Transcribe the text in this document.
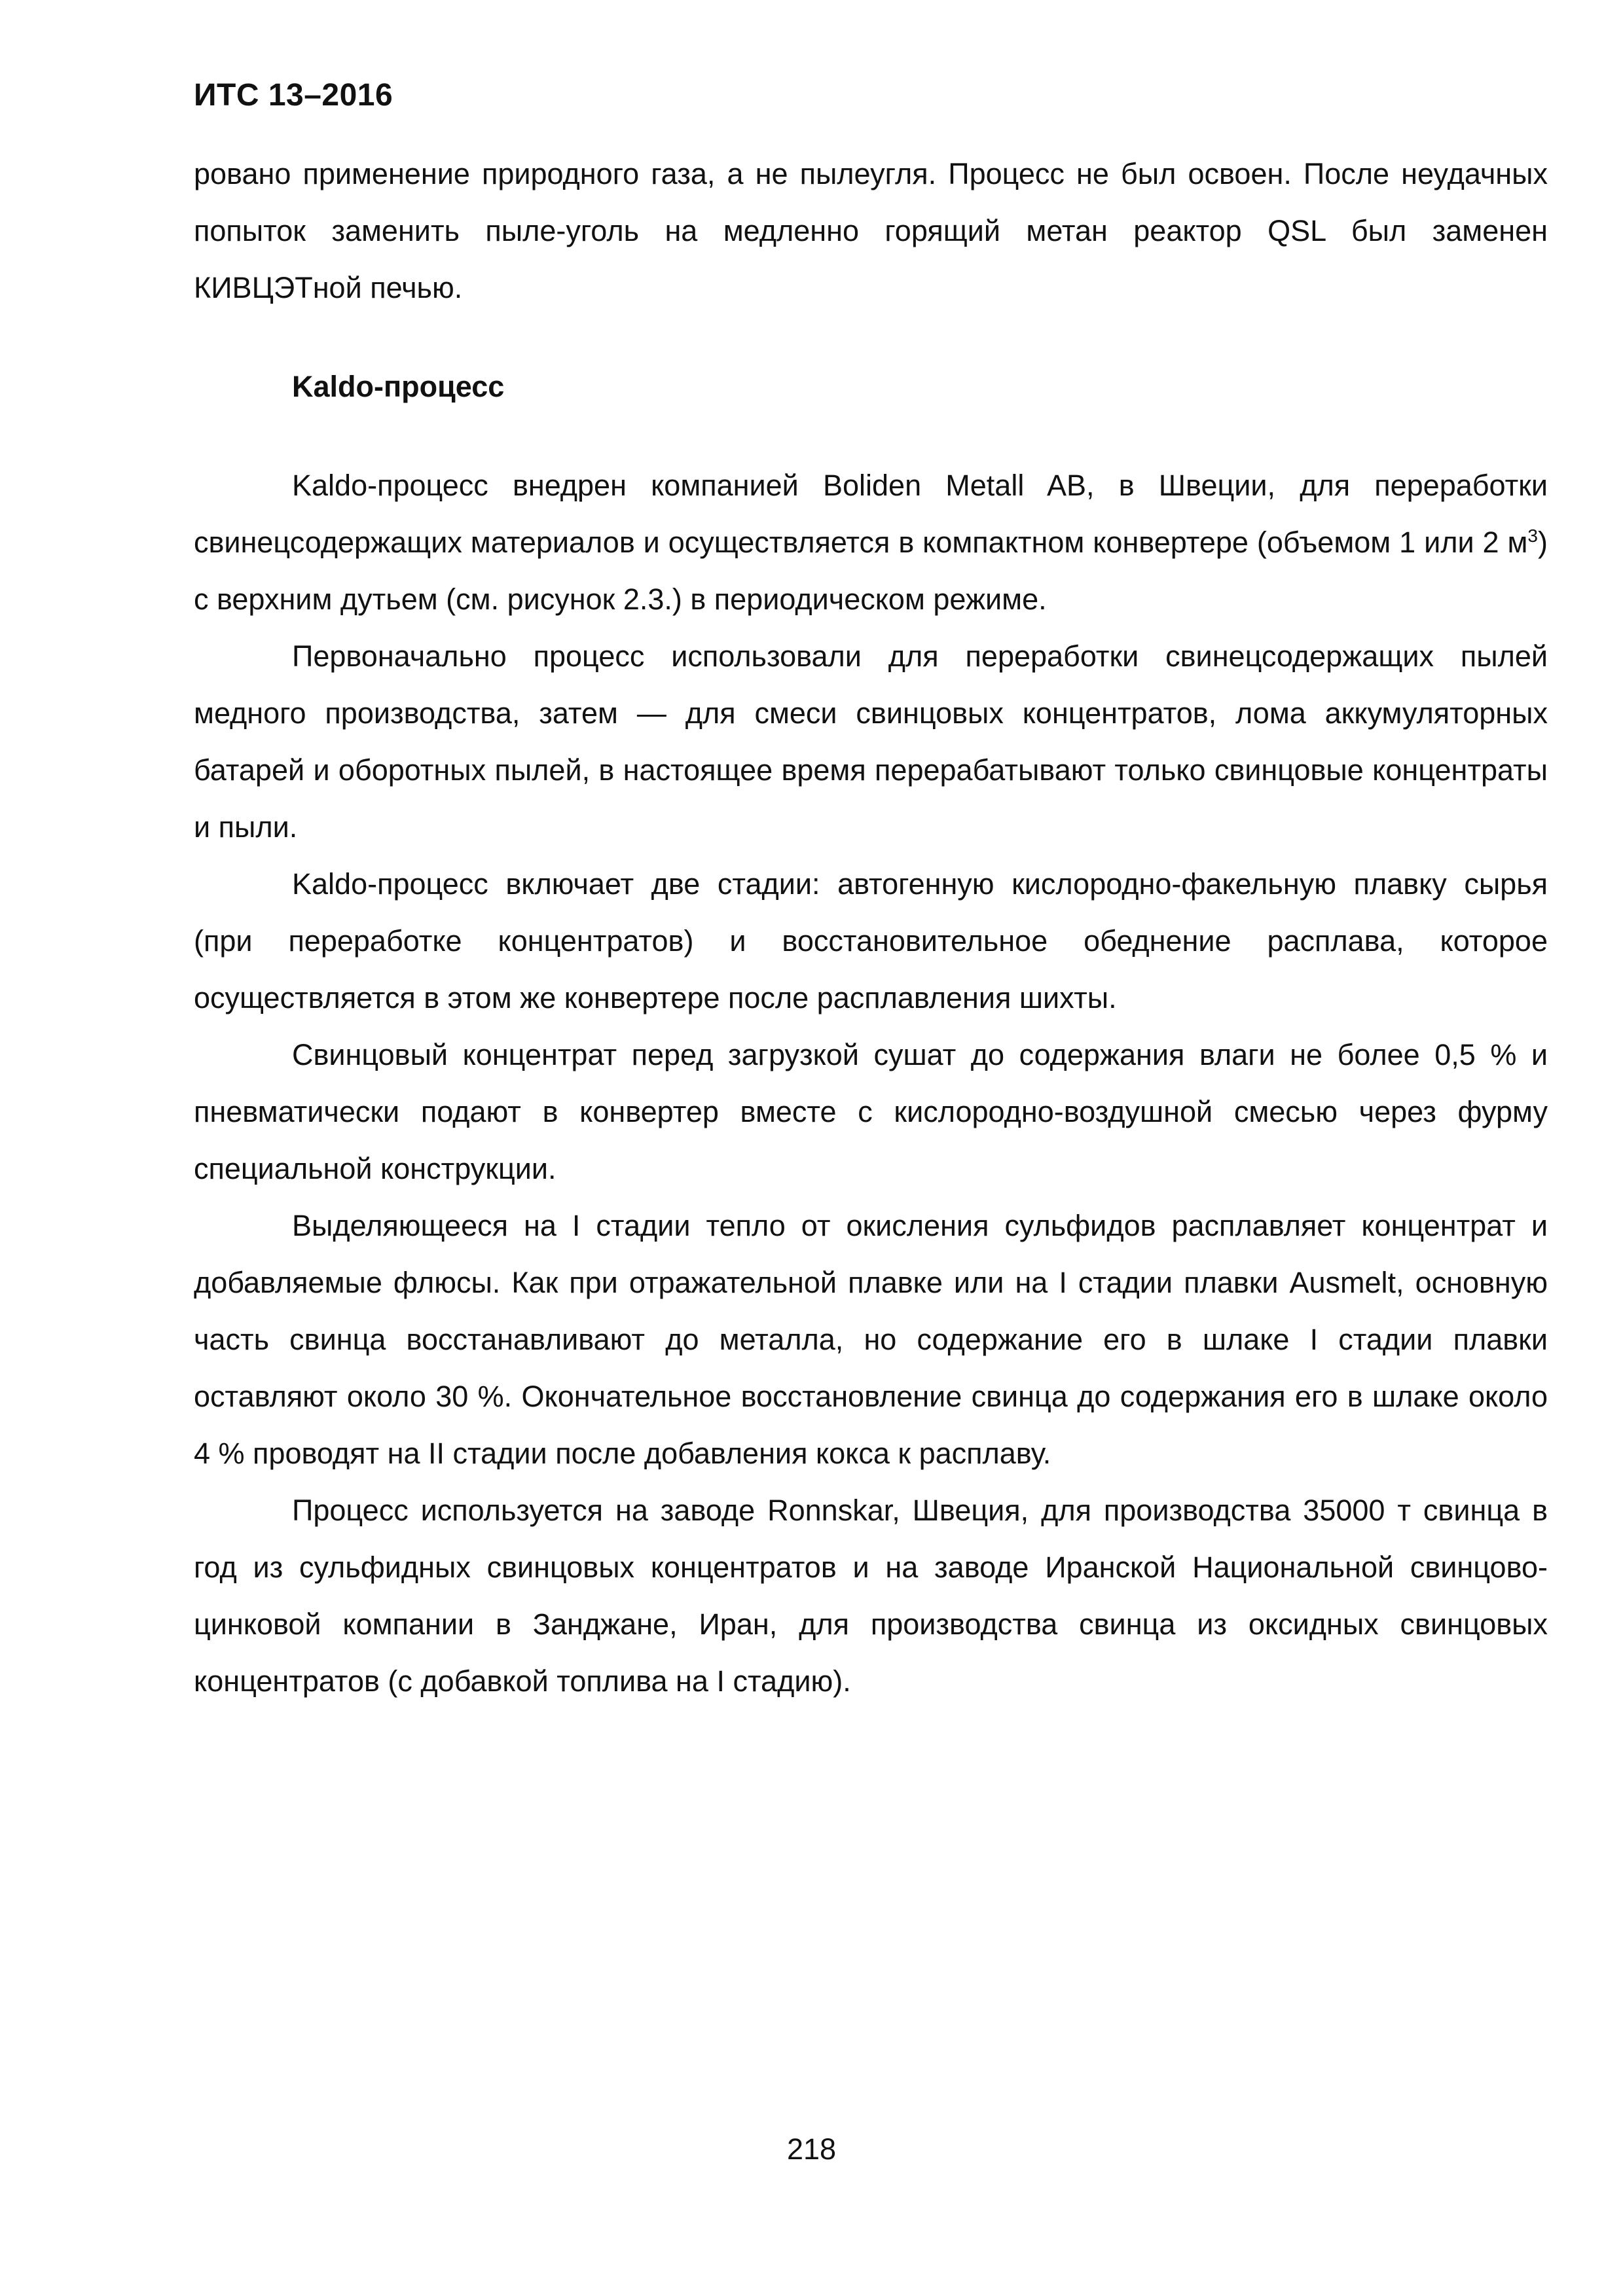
ИТС 13–2016

ровано применение природного газа, а не пылеугля. Процесс не был освоен. После неудачных попыток заменить пыле-уголь на медленно горящий метан реактор QSL был заменен КИВЦЭТной печью.

Kaldo-процесс

Kaldo-процесс внедрен компанией Boliden Metall AB, в Швеции, для переработки свинецсодержащих материалов и осуществляется в компактном конвертере (объемом 1 или 2 $м^3$) с верхним дутьем (см. рисунок 2.3.) в периодическом режиме.

Первоначально процесс использовали для переработки свинецсодержащих пылей медного производства, затем — для смеси свинцовых концентратов, лома аккумуляторных батарей и оборотных пылей, в настоящее время перерабатывают только свинцовые концентраты и пыли.

Kaldo-процесс включает две стадии: автогенную кислородно-факельную плавку сырья (при переработке концентратов) и восстановительное обеднение расплава, которое осуществляется в этом же конвертере после расплавления шихты.

Свинцовый концентрат перед загрузкой сушат до содержания влаги не более 0,5 % и пневматически подают в конвертер вместе с кислородно-воздушной смесью через фурму специальной конструкции.

Выделяющееся на I стадии тепло от окисления сульфидов расплавляет концентрат и добавляемые флюсы. Как при отражательной плавке или на I стадии плавки Ausmelt, основную часть свинца восстанавливают до металла, но содержание его в шлаке I стадии плавки оставляют около 30 %. Окончательное восстановление свинца до содержания его в шлаке около 4 % проводят на II стадии после добавления кокса к расплаву.

Процесс используется на заводе Ronnskar, Швеция, для производства 35000 т свинца в год из сульфидных свинцовых концентратов и на заводе Иранской Национальной свинцово-цинковой компании в Занджане, Иран, для производства свинца из оксидных свинцовых концентратов (с добавкой топлива на I стадию).

218
